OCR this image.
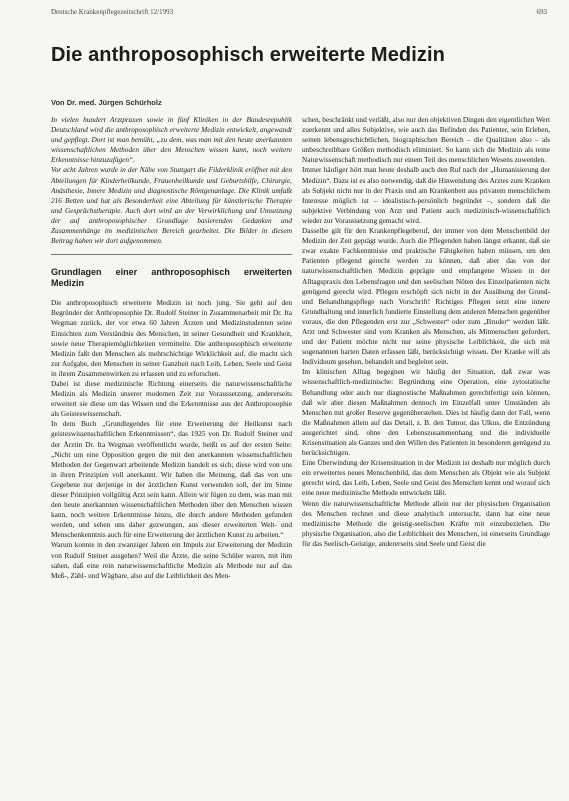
Deutsche Krankenpflegezeitschrift 12/1993	693
Die anthroposophisch erweiterte Medizin
Von Dr. med. Jürgen Schürholz

In vielen hundert Arztpraxen sowie in fünf Kliniken in der Bundesrepublik Deutschland wird die anthroposophisch erweiterte Medizin entwickelt, angewandt und gepflegt. Dort ist man bemüht, „zu dem, was man mit den heute anerkannten wissenschaftlichen Methoden über den Menschen wissen kann, noch weitere Erkenntnisse hinzuzufügen“.

Vor acht Jahren wurde in der Nähe von Stuttgart die Filderklinik eröffnet mit den Abteilungen für Kinderheilkunde, Frauenheilkunde und Geburtshilfe, Chirurgie, Anästhesie, Innere Medizin und diagnostische Röntgenanlage. Die Klinik umfaßt 216 Betten und hat als Besonderheit eine Abteilung für künstlerische Therapie und Gesprächstherapie. Auch dort wird an der Verwirklichung und Umsetzung der auf anthroposophischer Grundlage basierenden Gedanken und Zusammenhänge im medizinischen Bereich gearbeitet. Die Bilder in diesem Beitrag haben wir dort aufgenommen.

Grundlagen einer anthroposophisch erweiterten Medizin

Die anthroposophisch erweiterte Medizin ist noch jung. Sie geht auf den Begründer der Anthroposophie Dr. Rudolf Steiner in Zusammenarbeit mit Dr. Ita Wegman zurück, der vor etwa 60 Jahren Ärzten und Medizinstudenten seine Einsichten zum Verständnis des Menschen, in seiner Gesundheit und Krankheit, sowie neue Therapiemöglichkeiten vermittelte. Die anthroposophisch erweiterte Medizin faßt den Menschen als mehrschichtige Wirklichkeit auf, die macht sich zur Aufgabe, den Menschen in seiner Ganzheit nach Leib, Leben, Seele und Geist in ihrem Zusammenwirken zu erfassen und zu erforschen.

Dabei ist diese medizinische Richtung einerseits die naturwissenschaftliche Medizin als Medizin unserer modernen Zeit zur Voraussetzung, andererseits erweitert sie diese um das Wissen und die Erkenntnisse aus der Anthroposophie als Geisteswissenschaft.

In dem Buch „Grundlegendes für eine Erweiterung der Heilkunst nach geisteswissenschaftlichen Erkenntnissen“, das 1925 von Dr. Rudolf Steiner und der Ärztin Dr. Ita Wegman veröffentlicht wurde, heißt es auf der ersten Seite: „Nicht um eine Opposition gegen die mit den anerkannten wissenschaftlichen Methoden der Gegenwart arbeitende Medizin handelt es sich; diese wird von uns in ihren Prinzipien voll anerkannt. Wir haben die Meinung, daß das von uns Gegebene nur derjenige in der ärztlichen Kunst verwenden soll, der im Sinne dieser Prinzipien vollgültig Arzt sein kann. Allein wir fügen zu dem, was man mit den heute anerkannten wissenschaftlichen Methoden über den Menschen wissen kann, noch weitere Erkenntnisse hinzu, die durch andere Methoden gefunden werden, und sehen uns daher gezwungen, aus dieser erweiterten Welt- und Menschenkenntnis auch für eine Erweiterung der ärztlichen Kunst zu arbeiten.“

Warum konnte in den zwanziger Jahren ein Impuls zur Erweiterung der Medizin von Rudolf Steiner ausgehen? Weil die Ärzte, die seine Schüler waren, mit ihm sahen, daß eine rein naturwissenschaftliche Medizin als Methode nur auf das Meß-, Zähl- und Wägbare, also auf die Leiblichkeit des Men-

schen, beschränkt und verläßt, also nur den objektiven Dingen den eigentlichen Wert zuerkennt und alles Subjektive, wie auch das Befinden des Patienter, sein Erleben, seinen lebensgeschichtlichen, biographischen Bereich – die Qualitäten also – als unbeschreibbare Größen methodisch eliminiert. So kann sich die Medizin als reine Naturwissenschaft methodisch nur einem Teil des menschlichen Wesens zuwenden.

Immer häufiger hört man heute deshalb auch den Ruf nach der „Humanisierung der Medizin“. Dazu ist es also notwendig, daß die Hinwendung des Arztes zum Kranken als Subjekt nicht nur in der Praxis und am Krankenbett aus privatem menschlichem Interesse möglich ist – idealistisch-persönlich begründet –, sondern daß die subjektive Verbindung von Arzt und Patient auch medizinisch-wissenschaftlich wieder zur Voraussetzung gemacht wird.

Dasselbe gilt für den Krankenpflegeberuf, der immer von dem Menschenbild der Medizin der Zeit geprägt wurde. Auch die Pflegenden haben längst erkannt, daß sie zwar exakte Fachkenntnisse und praktische Fähigkeiten haben müssen, um den Patienten pflegend gerecht werden zu können, daß aber das von der naturwissenschaftlichen Medizin geprägte und empfangene Wissen in der Alltagspraxis den Lebensfragen und den seelischen Nöten des Einzelpatienten nicht genügend gerecht wird. Pflegen erschöpft sich nicht in der Ausübung der Grund- und Behandlungspflege nach Vorschrift! Richtiges Pflegen setzt eine innere Grundhaltung und innerlich fundierte Einstellung dem anderen Menschen gegenüber voraus, die den Pflegenden erst zur „Schwester“ oder zum „Bruder“ werden läßt. Arzt und Schwester sind vom Kranken als Menschen, als Mitmenschen gefordert, und der Patient möchte nicht nur seine physische Leiblichkeit, die sich mit sogenannten harten Daten erfassen läßt, berücksichtigt wissen. Der Kranke will als Individuum gesehen, behandelt und begleitet sein.

Im klinischen Alltag begegnen wir häufig der Situation, daß zwar was wissenschaftlich-medizinische: Begründung eine Operation, eine zytostatische Behandlung oder auch nur diagnostische Maßnahmen gerechtfertigt sein können, daß wir aber diesen Maßnahmen dennoch im Einzelfall unter Umständen als Menschen mit großer Reserve gegenüberstehen. Dies ist häufig dann der Fall, wenn die Maßnahmen allein auf das Detail, z. B. den Tumor, das Ulkus, die Entzündung ausgerichtet sind, ohne den Lebenszusammenhang und die individuelle Krisensituation als Ganzes und den Willen des Patienten in besonderen genügend zu berücksichtigen.

Eine Überwindung der Krisensituation in der Medizin ist deshalb nur möglich durch ein erweitertes neues Menschenbild, das dem Menschen als Objekt wie als Subjekt gerecht wird, das Leib, Leben, Seele und Geist des Menschen kennt und worauf sich eine neue medizinische Methode entwickeln läßt.

Wenn die naturwissenschaftliche Methode allein nur der physischen Organisation des Menschen rechnet und diese analytisch untersucht, dann hat eine neue medizinische Methode die geistig-seelischen Kräfte mit einzubeziehen. Die physische Organisation, also die Leiblichkeit des Menschen, ist einerseits Grundlage für das Seelisch-Geistige, andererseits sind Seele und Geist die
